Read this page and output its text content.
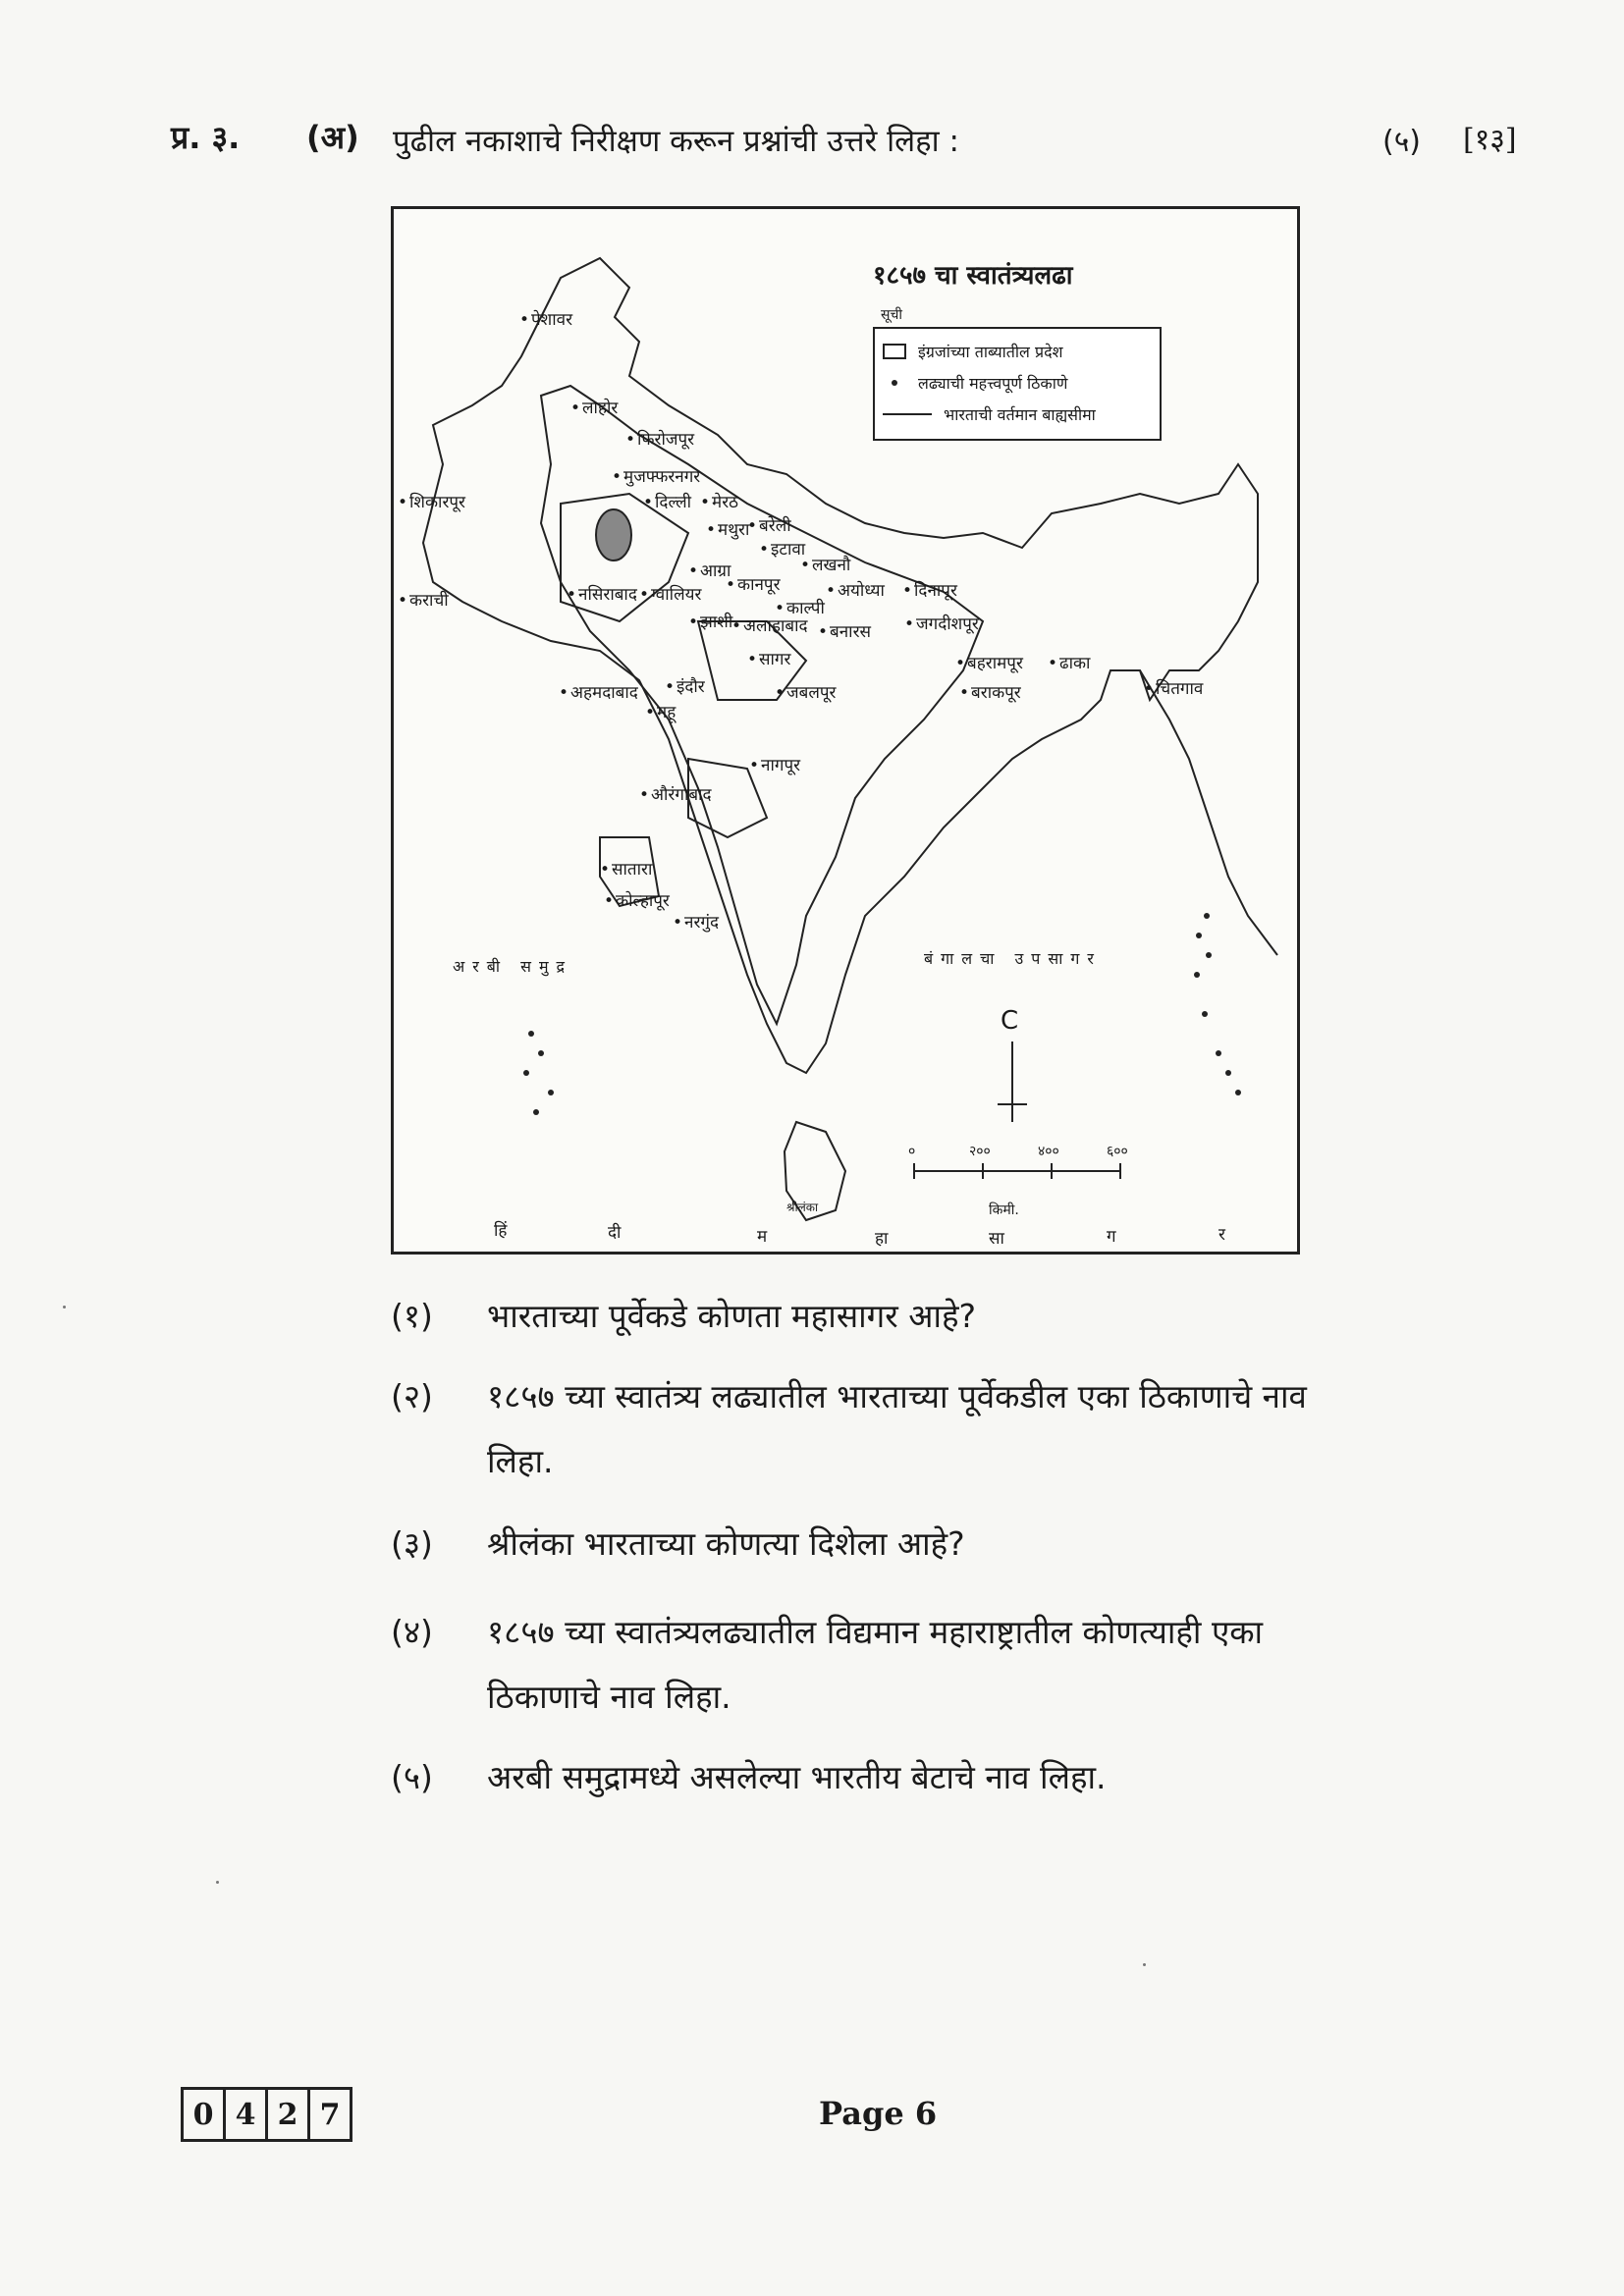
प्र. ३. (अ) पुढील नकाशाचे निरीक्षण करून प्रश्नांची उत्तरे लिहा :	(५) [१३]
१८५७ चा स्वातंत्र्यलढा
सूची
इंग्रजांच्या ताब्यातील प्रदेश
लढ्याची महत्त्वपूर्ण ठिकाणे
भारताची वर्तमान बाह्यसीमा
• पेशावर
• लाहोर
• फिरोजपूर
• मुजफ्फरनगर
• दिल्ली	• मेरठ
• शिकारपूर
• मथुरा • बरेली
• इटावा
• लखनौ
• आग्रा
• कानपूर	• अयोध्या	• दिनापूर
• नसिराबाद • ग्वालियर
• काल्पी
• कराची
• झाशी • अलाहाबाद	• बनारस	• जगदीशपूर
• सागर	• बहरामपूर	• ढाका
• अहमदाबाद	• इंदौर
• महू
• जबलपूर	• बराकपूर	• चितगाव
• नागपूर
• औरंगाबाद
• सातारा
• कोल्हापूर
• नरगुंद
अरबी समुद्र	बंगालचा उपसागर
हिं	दी	म	हा	सा	ग	र
C
०	२००	४००	६००
किमी.
श्रीलंका
(१)	भारताच्या पूर्वेकडे कोणता महासागर आहे?
(२)	१८५७ च्या स्वातंत्र्य लढ्यातील भारताच्या पूर्वेकडील एका ठिकाणाचे नाव लिहा.
(३)	श्रीलंका भारताच्या कोणत्या दिशेला आहे?
(४)	१८५७ च्या स्वातंत्र्यलढ्यातील विद्यमान महाराष्ट्रातील कोणत्याही एका ठिकाणाचे नाव लिहा.
(५)	अरबी समुद्रामध्ये असलेल्या भारतीय बेटाचे नाव लिहा.
0 4 2 7	Page 6
